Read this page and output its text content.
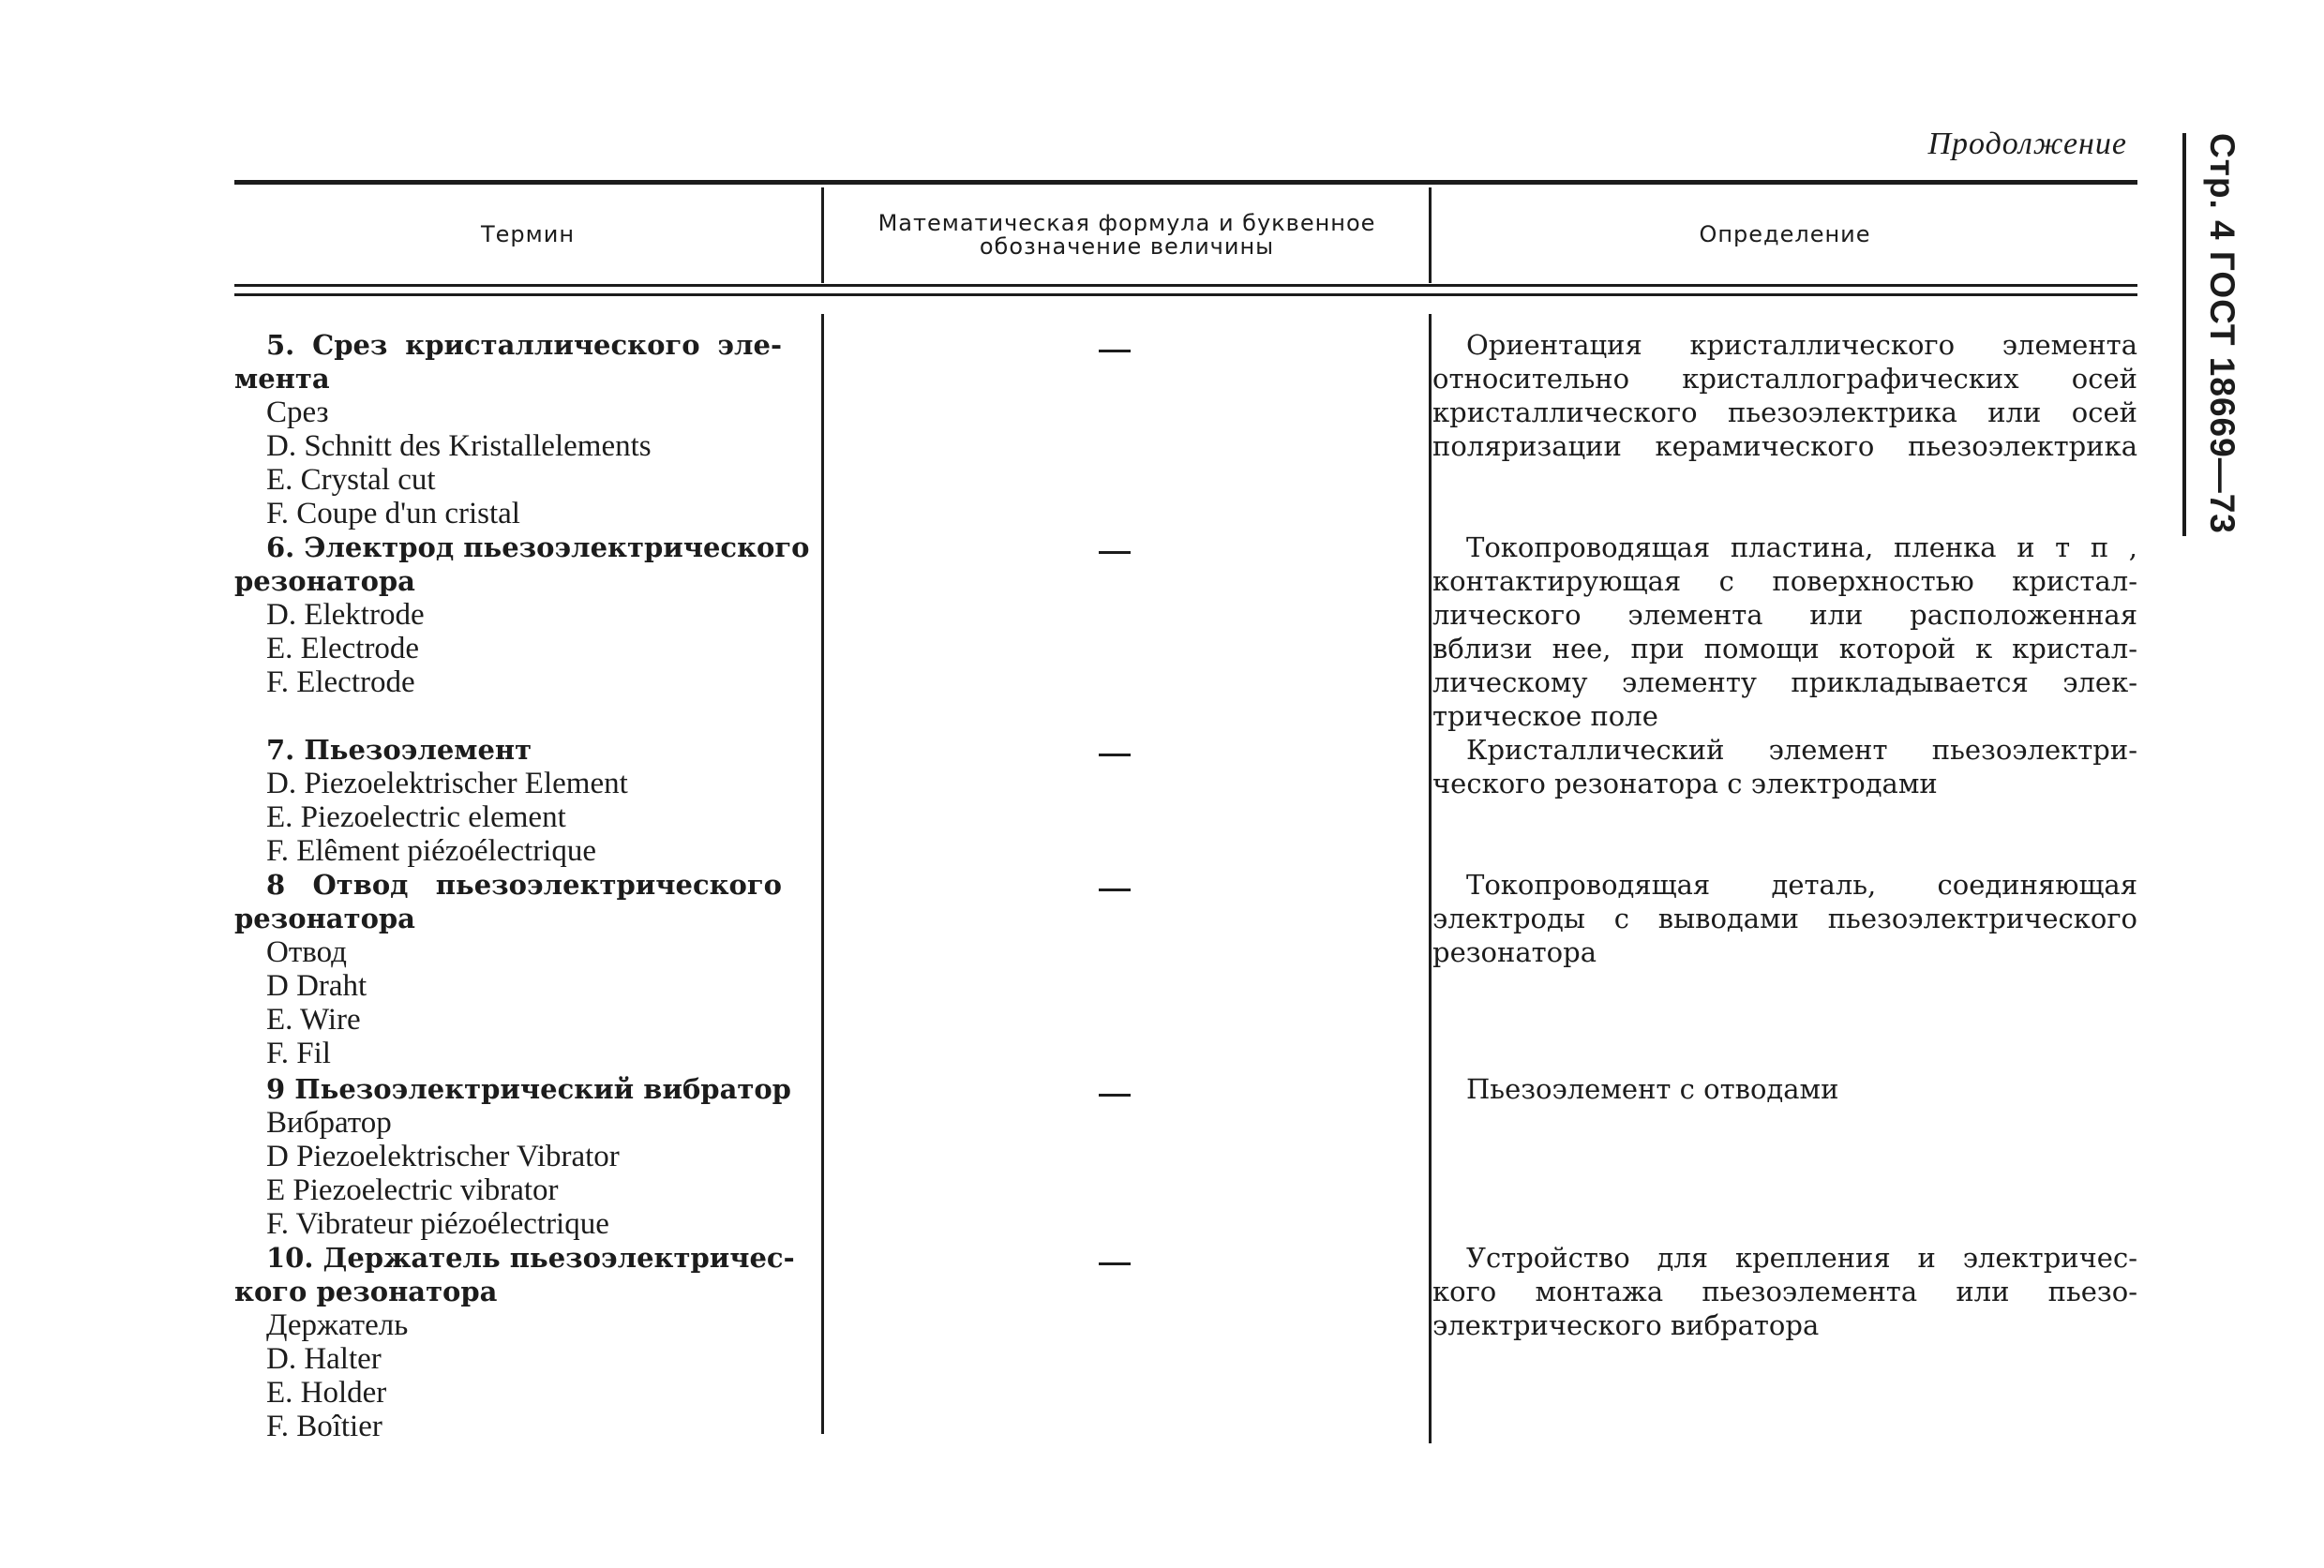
Продолжение Стр. 4 ГОСТ 18669—73
Термин	Математическая формула и буквенное обозначение величины	Определение
5. Срез кристаллического эле-
мента
Срез
D. Schnitt des Kristallelements
E. Crystal cut
F. Coupe d'un cristal
Ориентация кристаллического элемента
относительно кристаллографических осей
кристаллического пьезоэлектрика или осей
поляризации керамического пьезоэлектрика
6. Электрод пьезоэлектрического
резонатора
D. Elektrode
E. Electrode
F. Electrode
Токопроводящая пластина, пленка и т п ,
контактирующая с поверхностью кристал-
лического элемента или расположенная
вблизи нее, при помощи которой к кристал-
лическому элементу прикладывается элек-
трическое поле
7. Пьезоэлемент
D. Piezoelektrischer Element
E. Piezoelectric element
F. Elêment piézoélectrique
Кристаллический элемент пьезоэлектри-
ческого резонатора с электродами
8 Отвод пьезоэлектрического
резонатора
Отвод
D Draht
E. Wire
F. Fil
Токопроводящая деталь, соединяющая
электроды с выводами пьезоэлектрического
резонатора
9 Пьезоэлектрический вибратор
Вибратор
D Piezoelektrischer Vibrator
E Piezoelectric vibrator
F. Vibrateur piézoélectrique
Пьезоэлемент с отводами
10. Держатель пьезоэлектричес-
кого резонатора
Держатель
D. Halter
E. Holder
F. Boîtier
Устройство для крепления и электричес-
кого монтажа пьезоэлемента или пьезо-
электрического вибратора
